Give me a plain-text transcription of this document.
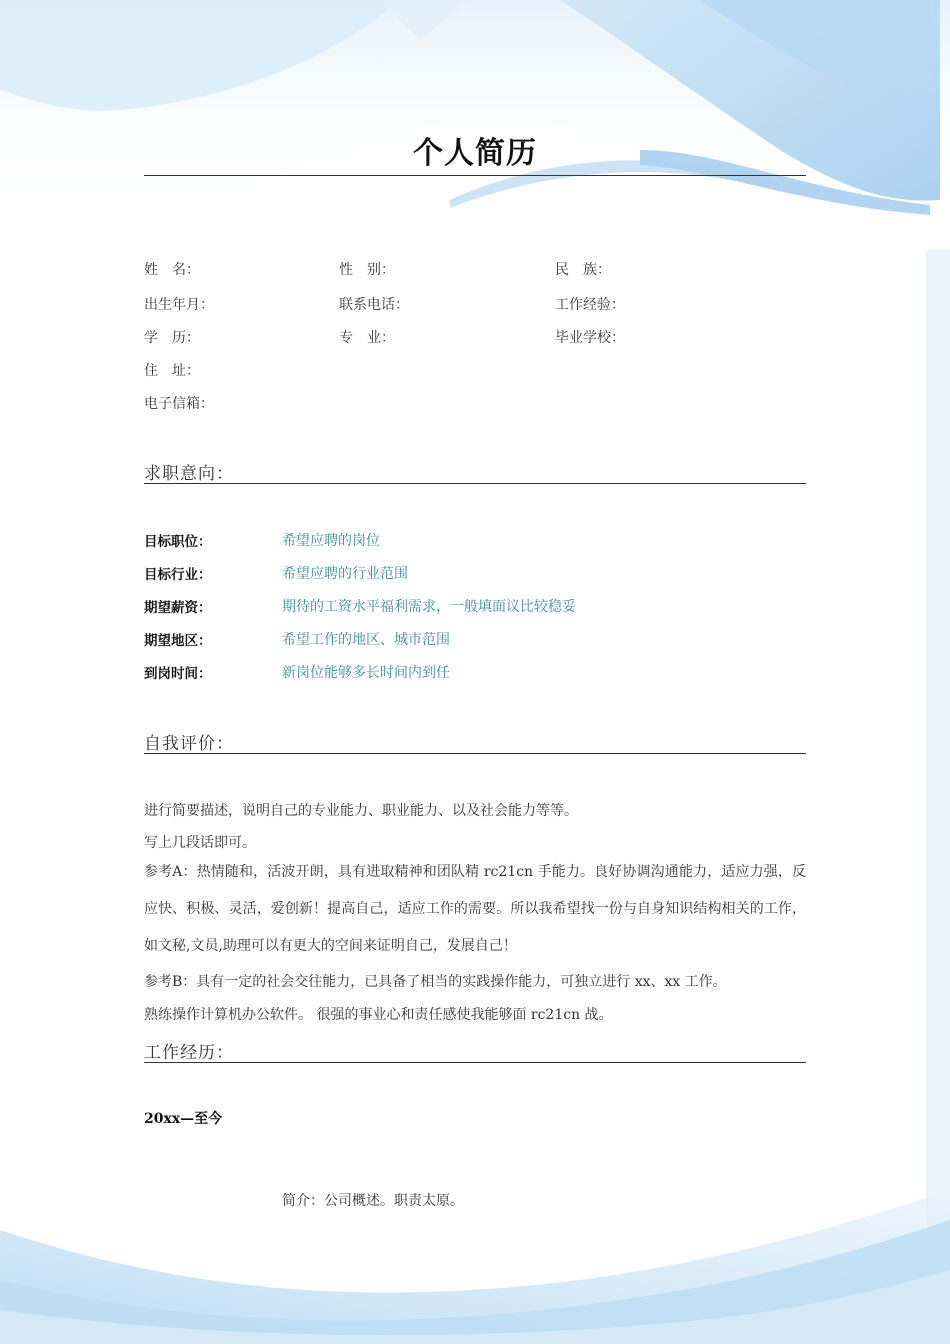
个人简历
姓　名：	性　别：	民　族：
出生年月：	联系电话：	工作经验：
学　历：	专　业：	毕业学校：
住　址：
电子信箱：
求职意向：
目标职位：	希望应聘的岗位
目标行业：	希望应聘的行业范围
期望薪资：	期待的工资水平福利需求，一般填面议比较稳妥
期望地区：	希望工作的地区、城市范围
到岗时间：	新岗位能够多长时间内到任
自我评价：
进行简要描述，说明自己的专业能力、职业能力、以及社会能力等等。
写上几段话即可。
参考A：热情随和，活波开朗，具有进取精神和团队精 rc21cn 手能力。良好协调沟通能力，适应力强，反应快、积极、灵活，爱创新！提高自己，适应工作的需要。所以我希望找一份与自身知识结构相关的工作，如文秘,文员,助理可以有更大的空间来证明自己，发展自己！
参考B：具有一定的社会交往能力，已具备了相当的实践操作能力，可独立进行 xx、xx 工作。
熟练操作计算机办公软件。 很强的事业心和责任感使我能够面 rc21cn 战。
工作经历：
20xx—至今
简介：公司概述。职责太原。
